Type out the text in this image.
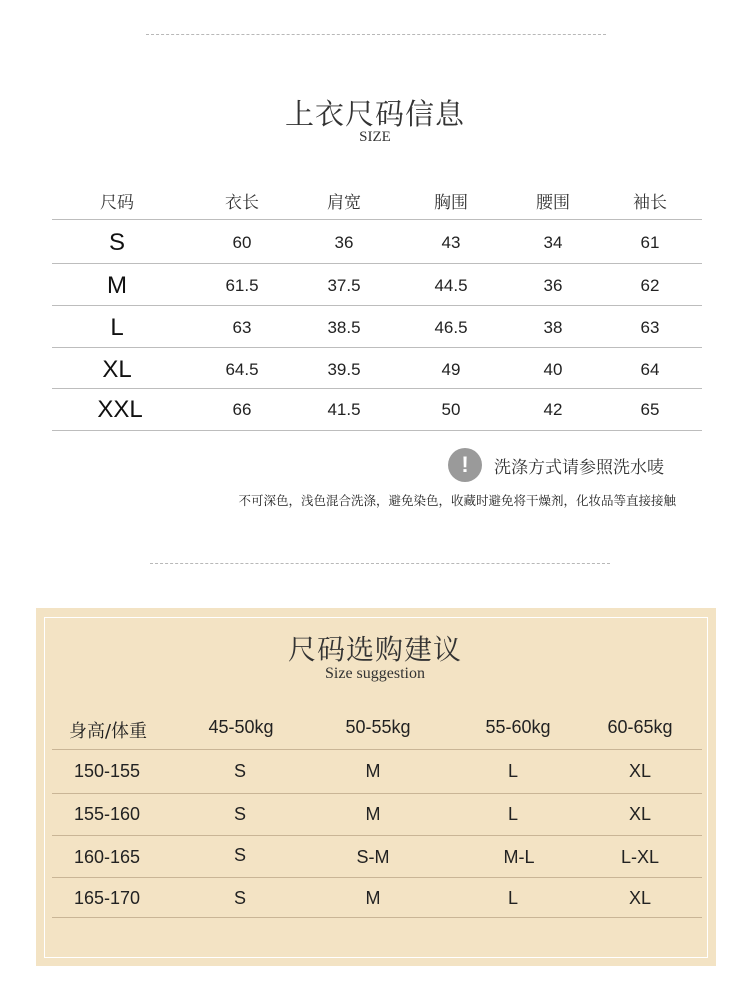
上衣尺码信息
SIZE
尺码	衣长	肩宽	胸围	腰围	袖长
S	60	36	43	34	61
M	61.5	37.5	44.5	36	62
L	63	38.5	46.5	38	63
XL	64.5	39.5	49	40	64
XXL	66	41.5	50	42	65
!	洗涤方式请参照洗水唛
不可深色，浅色混合洗涤，避免染色，收藏时避免将干燥剂，化妆品等直接接触
尺码选购建议
Size suggestion
身高/体重	45-50kg	50-55kg	55-60kg	60-65kg
150-155	S	M	L	XL
155-160	S	M	L	XL
160-165	S	S-M	M-L	L-XL
165-170	S	M	L	XL
